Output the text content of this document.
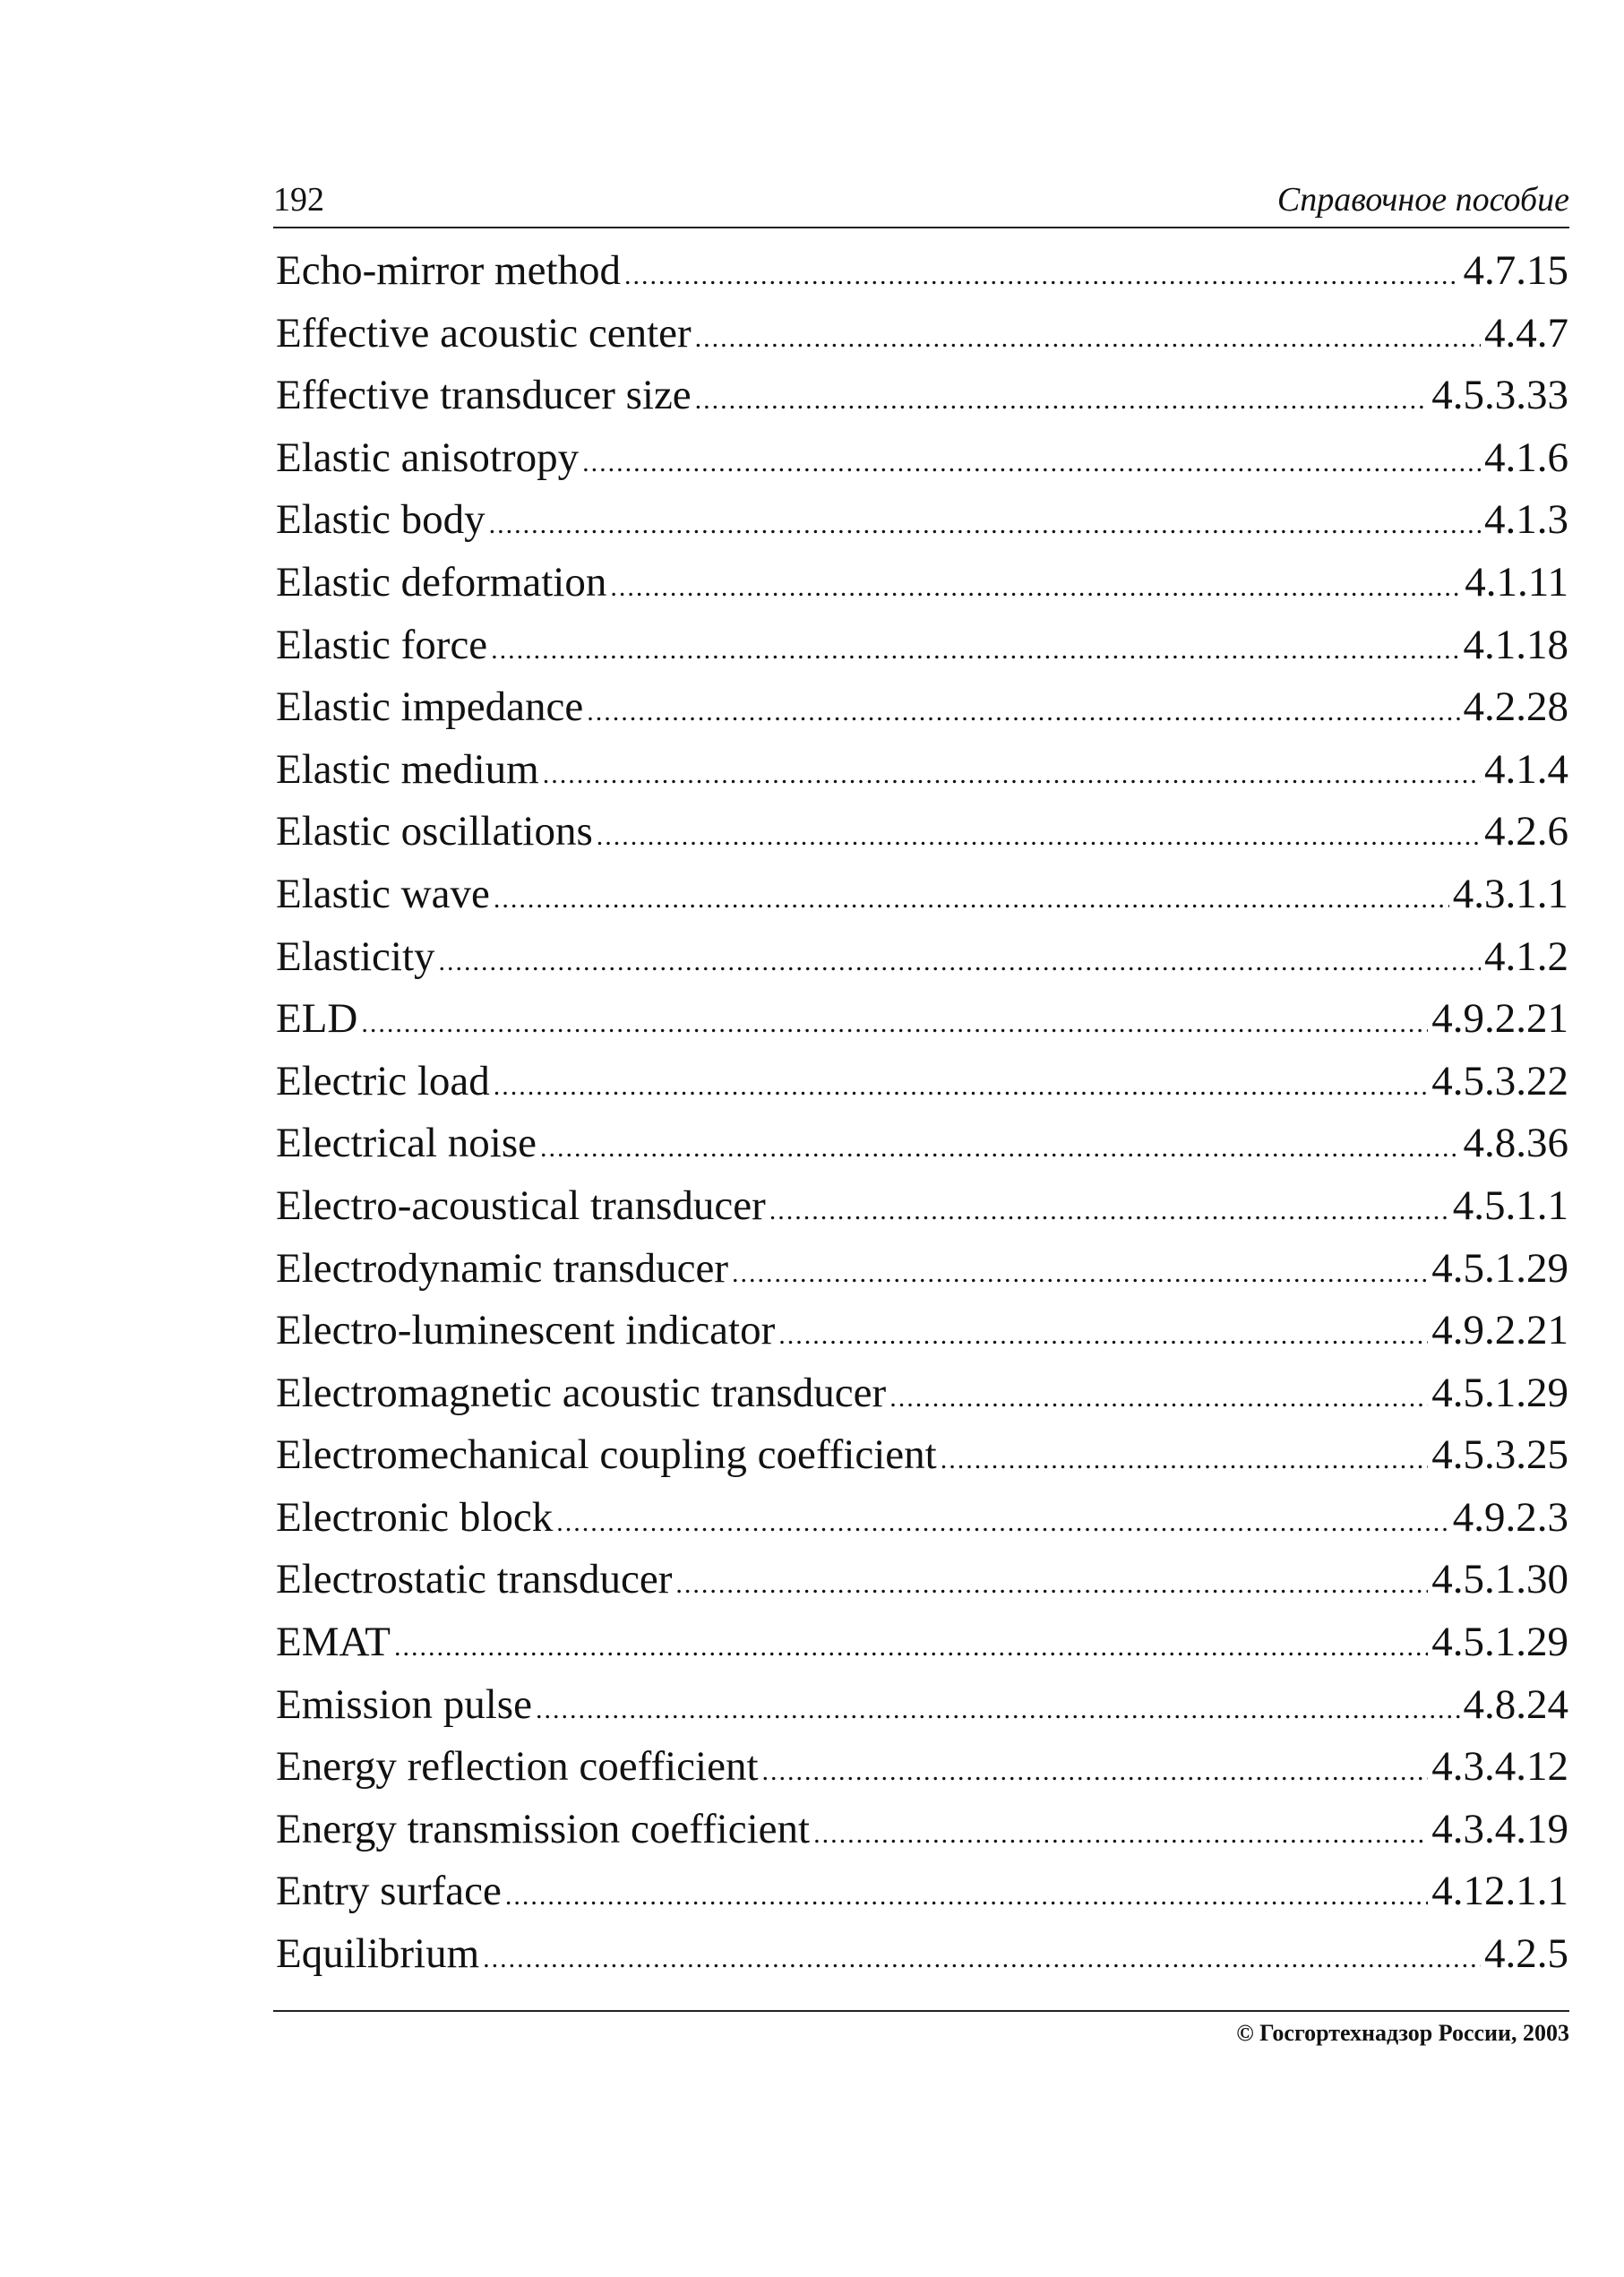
192	Справочное пособие
Echo-mirror method .....	4.7.15
Effective acoustic center .....	4.4.7
Effective transducer size .....	4.5.3.33
Elastic anisotropy .....	4.1.6
Elastic body .....	4.1.3
Elastic deformation .....	4.1.11
Elastic force .....	4.1.18
Elastic impedance .....	4.2.28
Elastic medium .....	4.1.4
Elastic oscillations .....	4.2.6
Elastic wave .....	4.3.1.1
Elasticity .....	4.1.2
ELD .....	4.9.2.21
Electric load .....	4.5.3.22
Electrical noise .....	4.8.36
Electro-acoustical transducer .....	4.5.1.1
Electrodynamic transducer .....	4.5.1.29
Electro-luminescent indicator .....	4.9.2.21
Electromagnetic acoustic transducer .....	4.5.1.29
Electromechanical coupling coefficient .....	4.5.3.25
Electronic block .....	4.9.2.3
Electrostatic transducer .....	4.5.1.30
EMAT .....	4.5.1.29
Emission pulse .....	4.8.24
Energy reflection coefficient .....	4.3.4.12
Energy transmission coefficient .....	4.3.4.19
Entry surface .....	4.12.1.1
Equilibrium .....	4.2.5
© Госгортехнадзор России, 2003
